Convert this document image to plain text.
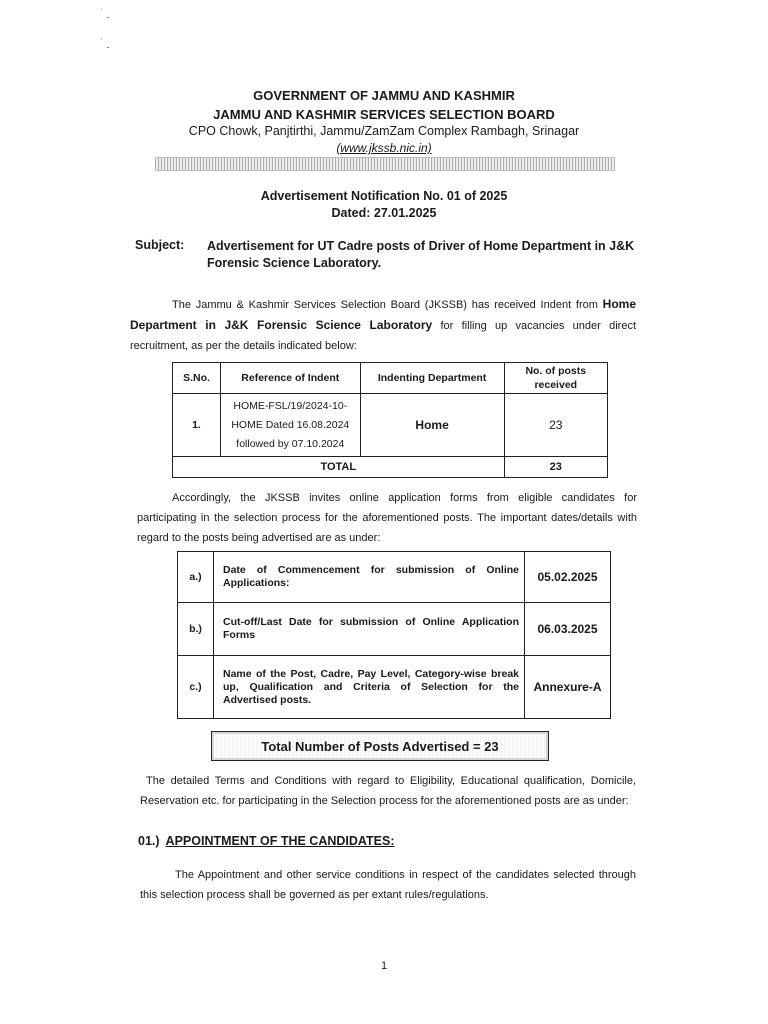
˙ ˍ
˙ ˍ
GOVERNMENT OF JAMMU AND KASHMIR
JAMMU AND KASHMIR SERVICES SELECTION BOARD
CPO Chowk, Panjtirthi, Jammu/ZamZam Complex Rambagh, Srinagar
(www.jkssb.nic.in)
Advertisement Notification No. 01 of 2025
Dated: 27.01.2025
Subject: Advertisement for UT Cadre posts of Driver of Home Department in J&K Forensic Science Laboratory.
The Jammu & Kashmir Services Selection Board (JKSSB) has received Indent from Home Department in J&K Forensic Science Laboratory for filling up vacancies under direct recruitment, as per the details indicated below:
S.No.	Reference of Indent	Indenting Department	No. of posts received
1.	HOME-FSL/19/2024-10-
HOME Dated 16.08.2024
followed by 07.10.2024	Home	23
TOTAL			23
Accordingly, the JKSSB invites online application forms from eligible candidates for participating in the selection process for the aforementioned posts. The important dates/details with regard to the posts being advertised are as under:
a.)	Date of Commencement for submission of Online Applications:	05.02.2025
b.)	Cut-off/Last Date for submission of Online Application Forms	06.03.2025
c.)	Name of the Post, Cadre, Pay Level, Category-wise break up, Qualification and Criteria of Selection for the Advertised posts.	Annexure-A
Total Number of Posts Advertised = 23
The detailed Terms and Conditions with regard to Eligibility, Educational qualification, Domicile, Reservation etc. for participating in the Selection process for the aforementioned posts are as under:
01.) APPOINTMENT OF THE CANDIDATES:
The Appointment and other service conditions in respect of the candidates selected through this selection process shall be governed as per extant rules/regulations.
1
